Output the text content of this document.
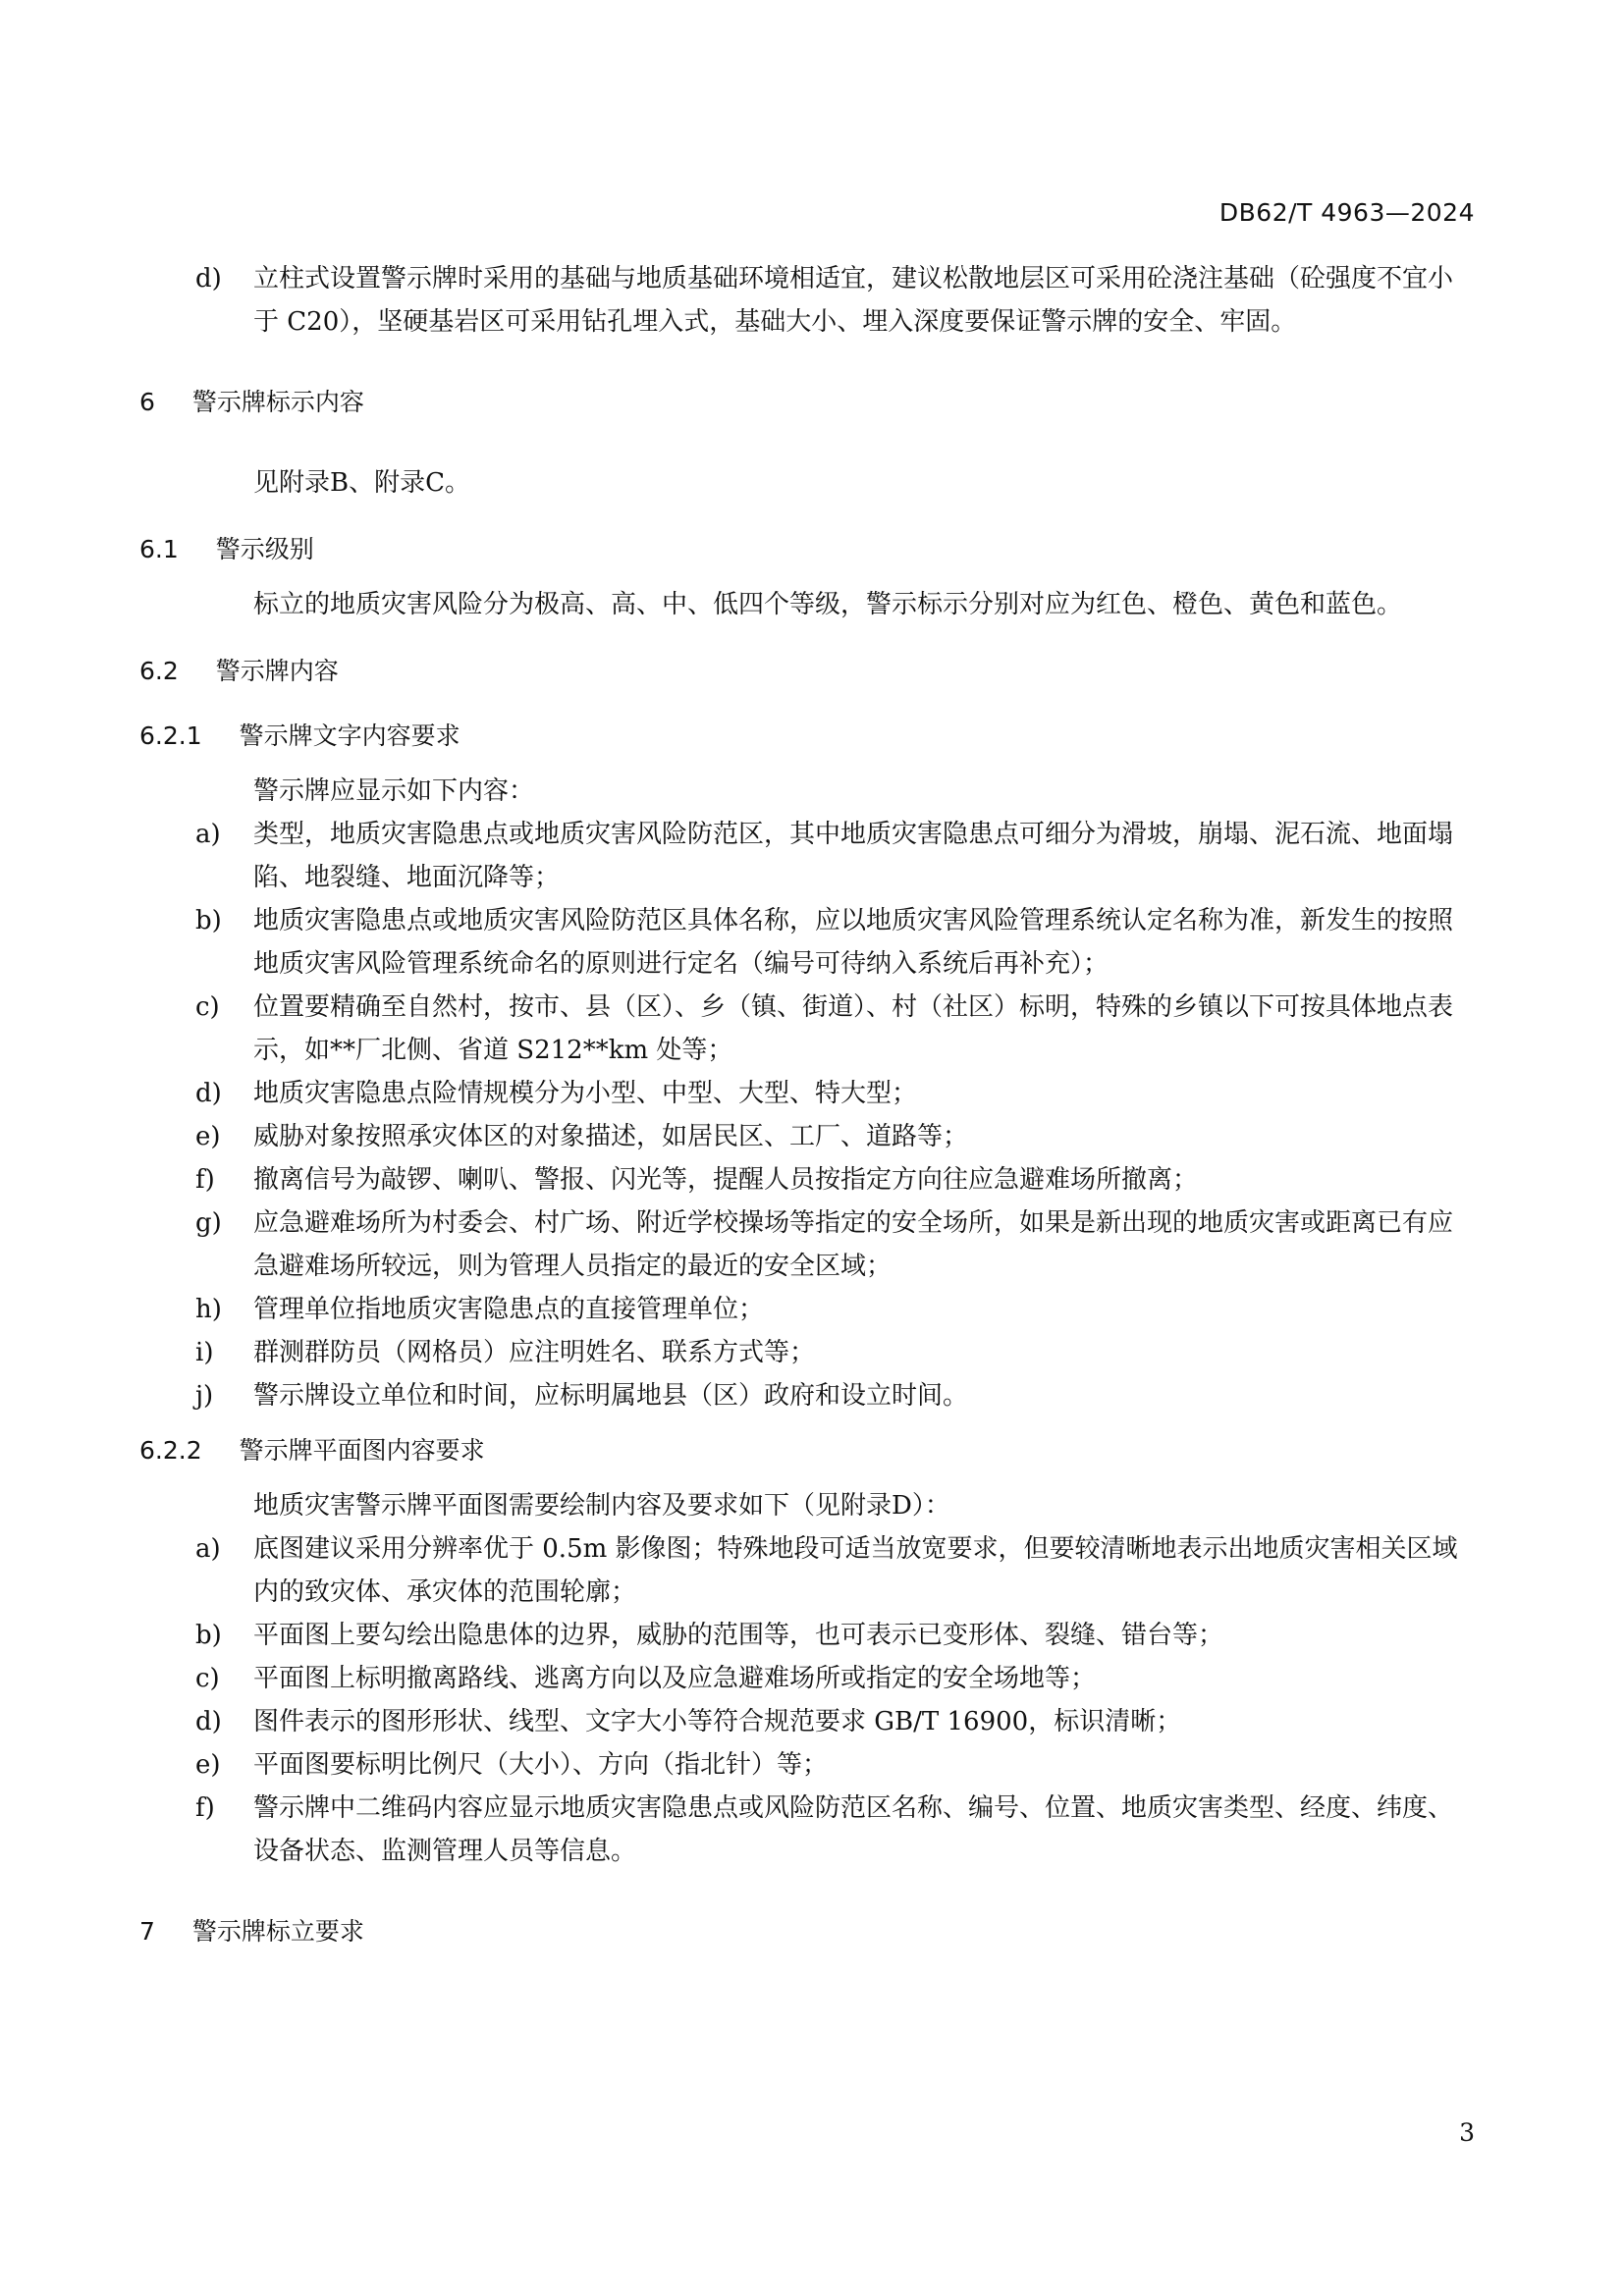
DB62/T 4963—2024
d) 立柱式设置警示牌时采用的基础与地质基础环境相适宜，建议松散地层区可采用砼浇注基础（砼强度不宜小于 C20），坚硬基岩区可采用钻孔埋入式，基础大小、埋入深度要保证警示牌的安全、牢固。
6 警示牌标示内容

见附录B、附录C。

6.1 警示级别

标立的地质灾害风险分为极高、高、中、低四个等级，警示标示分别对应为红色、橙色、黄色和蓝色。

6.2 警示牌内容
6.2.1 警示牌文字内容要求

警示牌应显示如下内容：

a) 类型，地质灾害隐患点或地质灾害风险防范区，其中地质灾害隐患点可细分为滑坡，崩塌、泥石流、地面塌陷、地裂缝、地面沉降等；
b) 地质灾害隐患点或地质灾害风险防范区具体名称，应以地质灾害风险管理系统认定名称为准，新发生的按照地质灾害风险管理系统命名的原则进行定名（编号可待纳入系统后再补充）；
c) 位置要精确至自然村，按市、县（区）、乡（镇、街道）、村（社区）标明，特殊的乡镇以下可按具体地点表示，如**厂北侧、省道 S212**km 处等；
d) 地质灾害隐患点险情规模分为小型、中型、大型、特大型；
e) 威胁对象按照承灾体区的对象描述，如居民区、工厂、道路等；
f) 撤离信号为敲锣、喇叭、警报、闪光等，提醒人员按指定方向往应急避难场所撤离；
g) 应急避难场所为村委会、村广场、附近学校操场等指定的安全场所，如果是新出现的地质灾害或距离已有应急避难场所较远，则为管理人员指定的最近的安全区域；
h) 管理单位指地质灾害隐患点的直接管理单位；
i) 群测群防员（网格员）应注明姓名、联系方式等；
j) 警示牌设立单位和时间，应标明属地县（区）政府和设立时间。
6.2.2 警示牌平面图内容要求

地质灾害警示牌平面图需要绘制内容及要求如下（见附录D）：

a) 底图建议采用分辨率优于 0.5m 影像图；特殊地段可适当放宽要求，但要较清晰地表示出地质灾害相关区域内的致灾体、承灾体的范围轮廓；
b) 平面图上要勾绘出隐患体的边界，威胁的范围等，也可表示已变形体、裂缝、错台等；
c) 平面图上标明撤离路线、逃离方向以及应急避难场所或指定的安全场地等；
d) 图件表示的图形形状、线型、文字大小等符合规范要求 GB/T 16900，标识清晰；
e) 平面图要标明比例尺（大小）、方向（指北针）等；
f) 警示牌中二维码内容应显示地质灾害隐患点或风险防范区名称、编号、位置、地质灾害类型、经度、纬度、设备状态、监测管理人员等信息。
7 警示牌标立要求
3
